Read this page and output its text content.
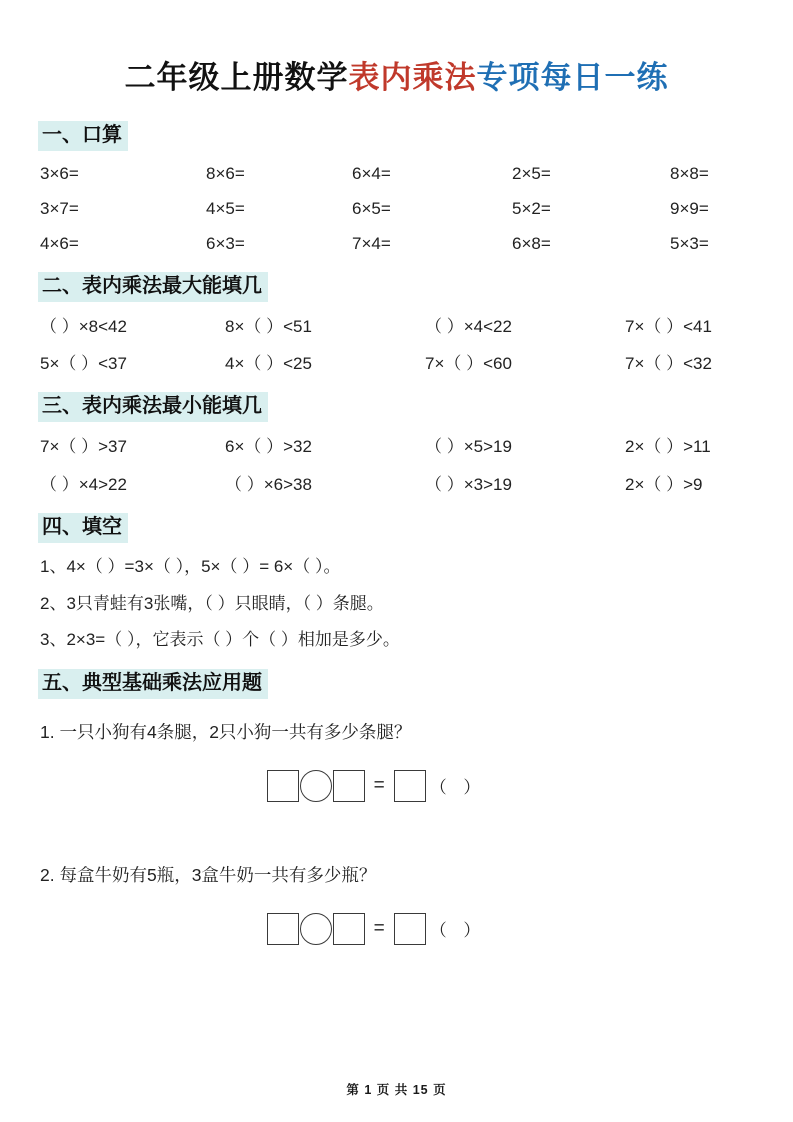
二年级上册数学表内乘法专项每日一练
一、口算
3×6=	8×6=	6×4=	2×5=	8×8=
3×7=	4×5=	6×5=	5×2=	9×9=
4×6=	6×3=	7×4=	6×8=	5×3=
二、表内乘法最大能填几
（ ）×8<42	8×（ ）<51	（ ）×4<22	7×（ ）<41
5×（ ）<37	4×（ ）<25	7×（ ）<60	7×（ ）<32
三、表内乘法最小能填几
7×（ ）>37	6×（ ）>32	（ ）×5>19	2×（ ）>11
（ ）×4>22	（ ）×6>38	（ ）×3>19	2×（ ）>9
四、填空
1、4×（ ）=3×（ ），5×（ ）= 6×（ ）。
2、3只青蛙有3张嘴，（ ）只眼睛，（ ）条腿。
3、2×3=（ ），它表示（ ）个（ ）相加是多少。
五、典型基础乘法应用题
1. 一只小狗有4条腿，2只小狗一共有多少条腿？
=	（ ）
2. 每盒牛奶有5瓶，3盒牛奶一共有多少瓶？
=	（ ）
第 1 页 共 15 页
